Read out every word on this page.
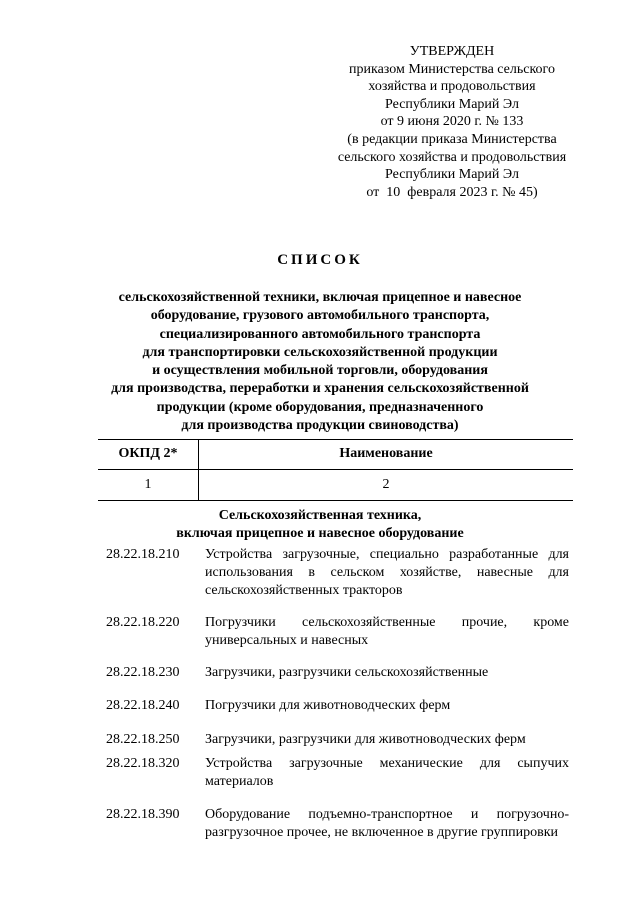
УТВЕРЖДЕН
приказом Министерства сельского
хозяйства и продовольствия
Республики Марий Эл
от 9 июня 2020 г. № 133
(в редакции приказа Министерства
сельского хозяйства и продовольствия
Республики Марий Эл
от  10  февраля 2023 г. № 45)
СПИСОК
сельскохозяйственной техники, включая прицепное и навесное
оборудование, грузового автомобильного транспорта,
специализированного автомобильного транспорта
для транспортировки сельскохозяйственной продукции
и осуществления мобильной торговли, оборудования
для производства, переработки и хранения сельскохозяйственной
продукции (кроме оборудования, предназначенного
для производства продукции свиноводства)
ОКПД 2*	Наименование
1	2
Сельскохозяйственная техника,
включая прицепное и навесное оборудование
28.22.18.210	Устройства загрузочные, специально разработанные для использования в сельском хозяйстве, навесные для сельскохозяйственных тракторов
28.22.18.220	Погрузчики сельскохозяйственные прочие, кроме универсальных и навесных
28.22.18.230	Загрузчики, разгрузчики сельскохозяйственные
28.22.18.240	Погрузчики для животноводческих ферм
28.22.18.250	Загрузчики, разгрузчики для животноводческих ферм
28.22.18.320	Устройства загрузочные механические для сыпучих материалов
28.22.18.390	Оборудование подъемно-транспортное и погрузочно-разгрузочное прочее, не включенное в другие группировки
